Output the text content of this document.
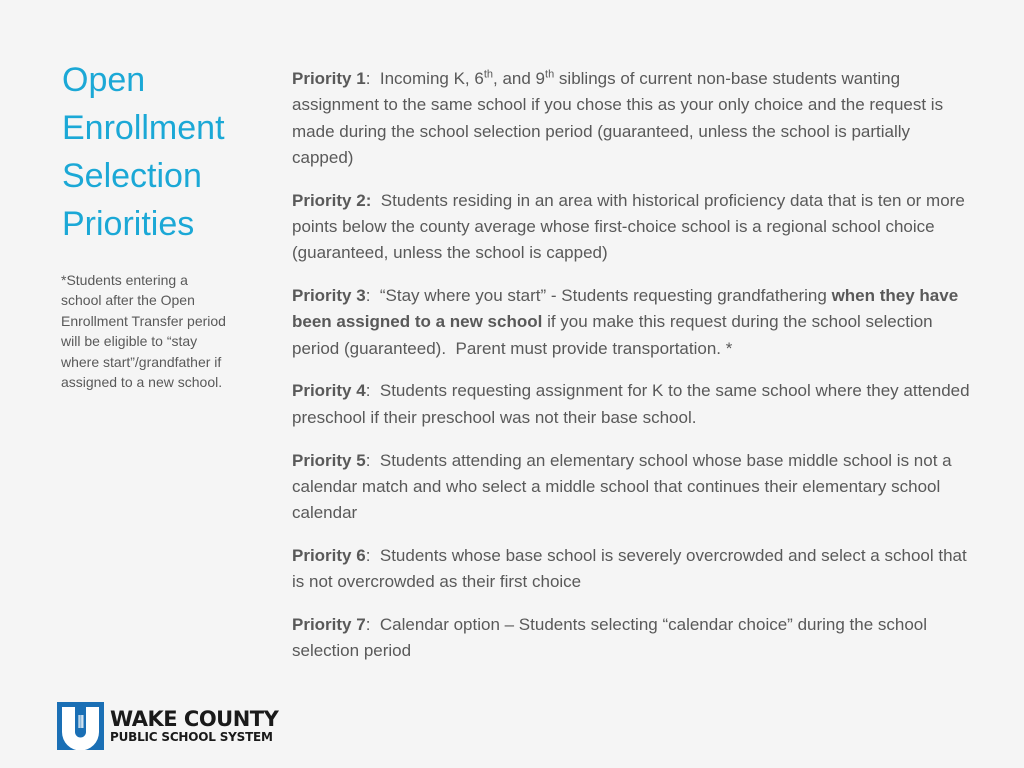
Open
Enrollment
Selection
Priorities
*Students entering a school after the Open Enrollment Transfer period will be eligible to “stay where start”/grandfather if assigned to a new school.
Priority 1:  Incoming K, 6th, and 9th siblings of current non-base students wanting assignment to the same school if you chose this as your only choice and the request is made during the school selection period (guaranteed, unless the school is partially capped)
Priority 2:  Students residing in an area with historical proficiency data that is ten or more points below the county average whose first-choice school is a regional school choice (guaranteed, unless the school is capped)
Priority 3:  “Stay where you start” - Students requesting grandfathering when they have been assigned to a new school if you make this request during the school selection period (guaranteed).  Parent must provide transportation. *
Priority 4:  Students requesting assignment for K to the same school where they attended preschool if their preschool was not their base school.
Priority 5:  Students attending an elementary school whose base middle school is not a calendar match and who select a middle school that continues their elementary school calendar
Priority 6:  Students whose base school is severely overcrowded and select a school that is not overcrowded as their first choice
Priority 7:  Calendar option – Students selecting “calendar choice” during the school selection period
WAKE COUNTY
PUBLIC SCHOOL SYSTEM
